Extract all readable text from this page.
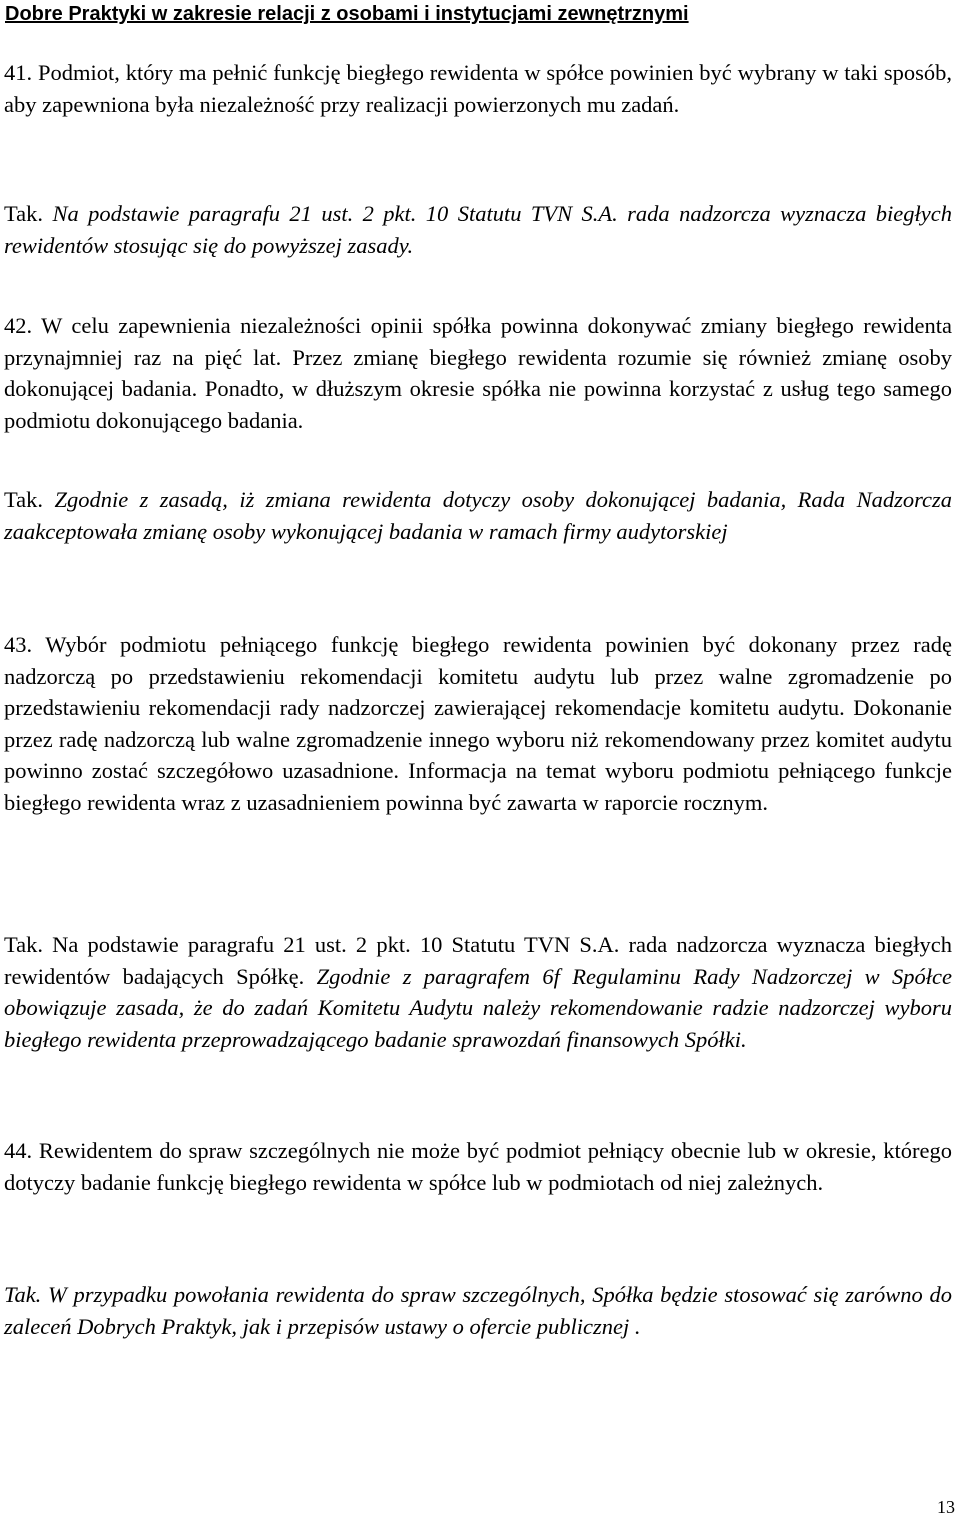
Dobre Praktyki w zakresie relacji z osobami i instytucjami zewnętrznymi
41. Podmiot, który ma pełnić funkcję biegłego rewidenta w spółce powinien być wybrany w taki sposób, aby zapewniona była niezależność przy realizacji powierzonych mu zadań.
Tak. Na podstawie paragrafu 21 ust. 2 pkt. 10 Statutu TVN S.A. rada nadzorcza wyznacza biegłych rewidentów stosując się do powyższej zasady.
42. W celu zapewnienia niezależności opinii spółka powinna dokonywać zmiany biegłego rewidenta przynajmniej raz na pięć lat. Przez zmianę biegłego rewidenta rozumie się również zmianę osoby dokonującej badania. Ponadto, w dłuższym okresie spółka nie powinna korzystać z usług tego samego podmiotu dokonującego badania.
Tak. Zgodnie z zasadą, iż zmiana rewidenta dotyczy osoby dokonującej badania, Rada Nadzorcza zaakceptowała zmianę osoby wykonującej badania w ramach firmy audytorskiej
43. Wybór podmiotu pełniącego funkcję biegłego rewidenta powinien być dokonany przez radę nadzorczą po przedstawieniu rekomendacji komitetu audytu lub przez walne zgromadzenie po przedstawieniu rekomendacji rady nadzorczej zawierającej rekomendacje komitetu audytu. Dokonanie przez radę nadzorczą lub walne zgromadzenie innego wyboru niż rekomendowany przez komitet audytu powinno zostać szczegółowo uzasadnione. Informacja na temat wyboru podmiotu pełniącego funkcje biegłego rewidenta wraz z uzasadnieniem powinna być zawarta w raporcie rocznym.
Tak. Na podstawie paragrafu 21 ust. 2 pkt. 10 Statutu TVN S.A. rada nadzorcza wyznacza biegłych rewidentów badających Spółkę. Zgodnie z paragrafem 6f Regulaminu Rady Nadzorczej w Spółce obowiązuje zasada, że do zadań Komitetu Audytu należy rekomendowanie radzie nadzorczej wyboru biegłego rewidenta przeprowadzającego badanie sprawozdań finansowych Spółki.
44. Rewidentem do spraw szczególnych nie może być podmiot pełniący obecnie lub w okresie, którego dotyczy badanie funkcję biegłego rewidenta w spółce lub w podmiotach od niej zależnych.
Tak. W przypadku powołania rewidenta do spraw szczególnych, Spółka będzie stosować się zarówno do zaleceń Dobrych Praktyk, jak i przepisów ustawy o ofercie publicznej .
13
